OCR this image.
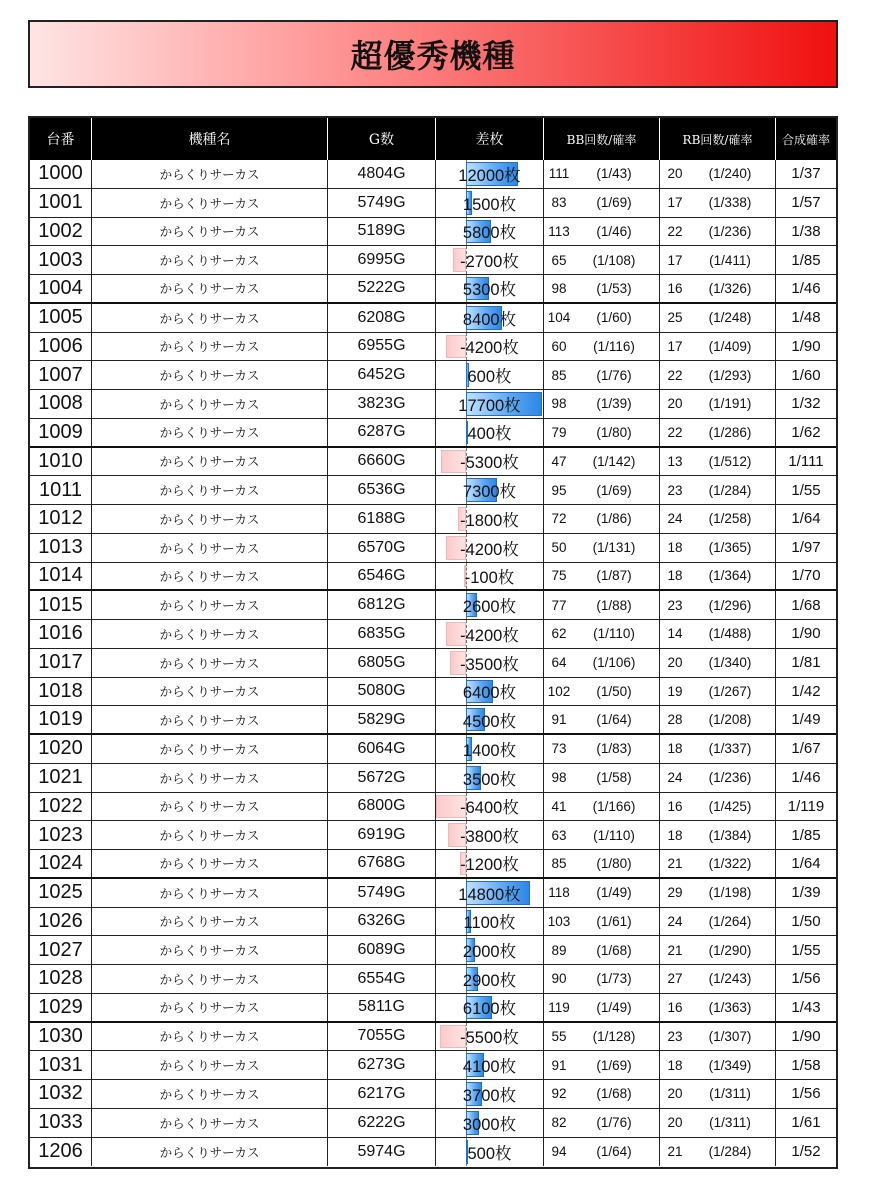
超優秀機種
台番	機種名	G数	差枚	BB回数/確率	RB回数/確率	合成確率
1000	からくりサーカス	4804G	12000枚	111	(1/43)	20	(1/240)	1/37
1001	からくりサーカス	5749G	1500枚	83	(1/69)	17	(1/338)	1/57
1002	からくりサーカス	5189G	5800枚	113	(1/46)	22	(1/236)	1/38
1003	からくりサーカス	6995G	-2700枚	65	(1/108)	17	(1/411)	1/85
1004	からくりサーカス	5222G	5300枚	98	(1/53)	16	(1/326)	1/46
1005	からくりサーカス	6208G	8400枚 104	(1/60)	25	(1/248)	1/48
1006	からくりサーカス	6955G	-4200枚	60	(1/116)	17	(1/409)	1/90
1007	からくりサーカス	6452G	600枚	85	(1/76)	22	(1/293)	1/60
1008	からくりサーカス	3823G	17700枚	98	(1/39)	20	(1/191)	1/32
1009	からくりサーカス	6287G	400枚	79	(1/80)	22	(1/286)	1/62
1010	からくりサーカス	6660G	-5300枚	47	(1/142)	13	(1/512)	1/111
1011	からくりサーカス	6536G	7300枚	95	(1/69)	23	(1/284)	1/55
1012	からくりサーカス	6188G	-1800枚	72	(1/86)	24	(1/258)	1/64
1013	からくりサーカス	6570G	-4200枚	50	(1/131)	18	(1/365)	1/97
1014	からくりサーカス	6546G	-100枚	75	(1/87)	18	(1/364)	1/70
1015	からくりサーカス	6812G	2600枚	77	(1/88)	23	(1/296)	1/68
1016	からくりサーカス	6835G	-4200枚	62	(1/110)	14	(1/488)	1/90
1017	からくりサーカス	6805G	-3500枚	64	(1/106)	20	(1/340)	1/81
1018	からくりサーカス	5080G	6400枚 102	(1/50)	19	(1/267)	1/42
1019	からくりサーカス	5829G	4500枚	91	(1/64)	28	(1/208)	1/49
1020	からくりサーカス	6064G	1400枚	73	(1/83)	18	(1/337)	1/67
1021	からくりサーカス	5672G	3500枚	98	(1/58)	24	(1/236)	1/46
1022	からくりサーカス	6800G	-6400枚	41	(1/166)	16	(1/425)	1/119
1023	からくりサーカス	6919G	-3800枚	63	(1/110)	18	(1/384)	1/85
1024	からくりサーカス	6768G	-1200枚	85	(1/80)	21	(1/322)	1/64
1025	からくりサーカス	5749G	14800枚	118	(1/49)	29	(1/198)	1/39
1026	からくりサーカス	6326G	1100枚 103	(1/61)	24	(1/264)	1/50
1027	からくりサーカス	6089G	2000枚	89	(1/68)	21	(1/290)	1/55
1028	からくりサーカス	6554G	2900枚	90	(1/73)	27	(1/243)	1/56
1029	からくりサーカス	5811G	6100枚	119	(1/49)	16	(1/363)	1/43
1030	からくりサーカス	7055G	-5500枚	55	(1/128)	23	(1/307)	1/90
1031	からくりサーカス	6273G	4100枚	91	(1/69)	18	(1/349)	1/58
1032	からくりサーカス	6217G	3700枚	92	(1/68)	20	(1/311)	1/56
1033	からくりサーカス	6222G	3000枚	82	(1/76)	20	(1/311)	1/61
1206	からくりサーカス	5974G	500枚	94	(1/64)	21	(1/284)	1/52
